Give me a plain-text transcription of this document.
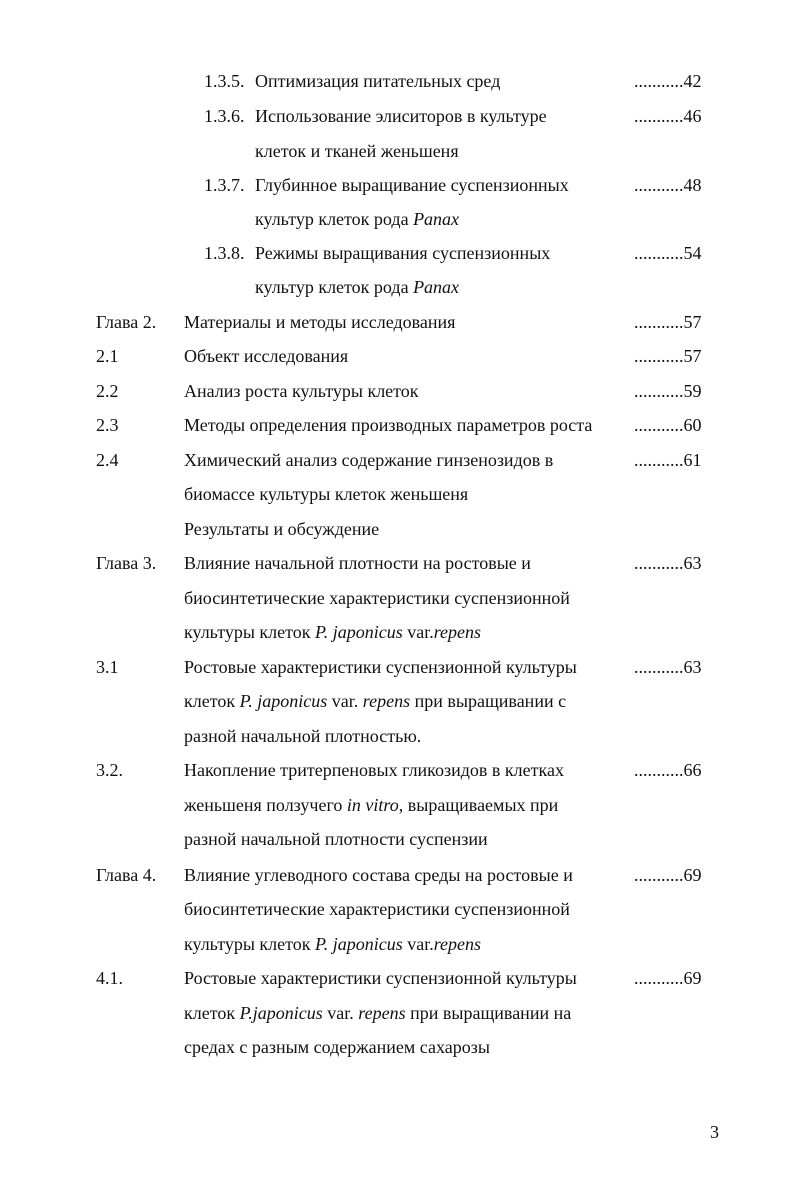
1.3.5. Оптимизация питательных сред	...........42
1.3.6. Использование элиситоров в культуре	...........46
клеток и тканей женьшеня
1.3.7. Глубинное выращивание суспензионных	...........48
культур клеток рода Panax
1.3.8. Режимы выращивания суспензионных	...........54
культур клеток рода Panax
Глава 2. Материалы и методы исследования	...........57
2.1	Объект исследования	...........57
2.2	Анализ роста культуры клеток	...........59
2.3	Методы определения производных параметров роста ...........60
2.4	Химический анализ содержание гинзенозидов в	...........61
биомассе культуры клеток женьшеня
Результаты и обсуждение
Глава 3. Влияние начальной плотности на ростовые и	...........63
биосинтетические характеристики суспензионной
культуры клеток P. japonicus var.repens
3.1	Ростовые характеристики суспензионной культуры	...........63
клеток P. japonicus var. repens при выращивании с
разной начальной плотностью.
3.2.	Накопление тритерпеновых гликозидов в клетках	...........66
женьшеня ползучего in vitro, выращиваемых при
разной начальной плотности суспензии
Глава 4. Влияние углеводного состава среды на ростовые и	...........69
биосинтетические характеристики суспензионной
культуры клеток P. japonicus var.repens
4.1.	Ростовые характеристики суспензионной культуры	...........69
клеток P.japonicus var. repens при выращивании на
средах с разным содержанием сахарозы
3
